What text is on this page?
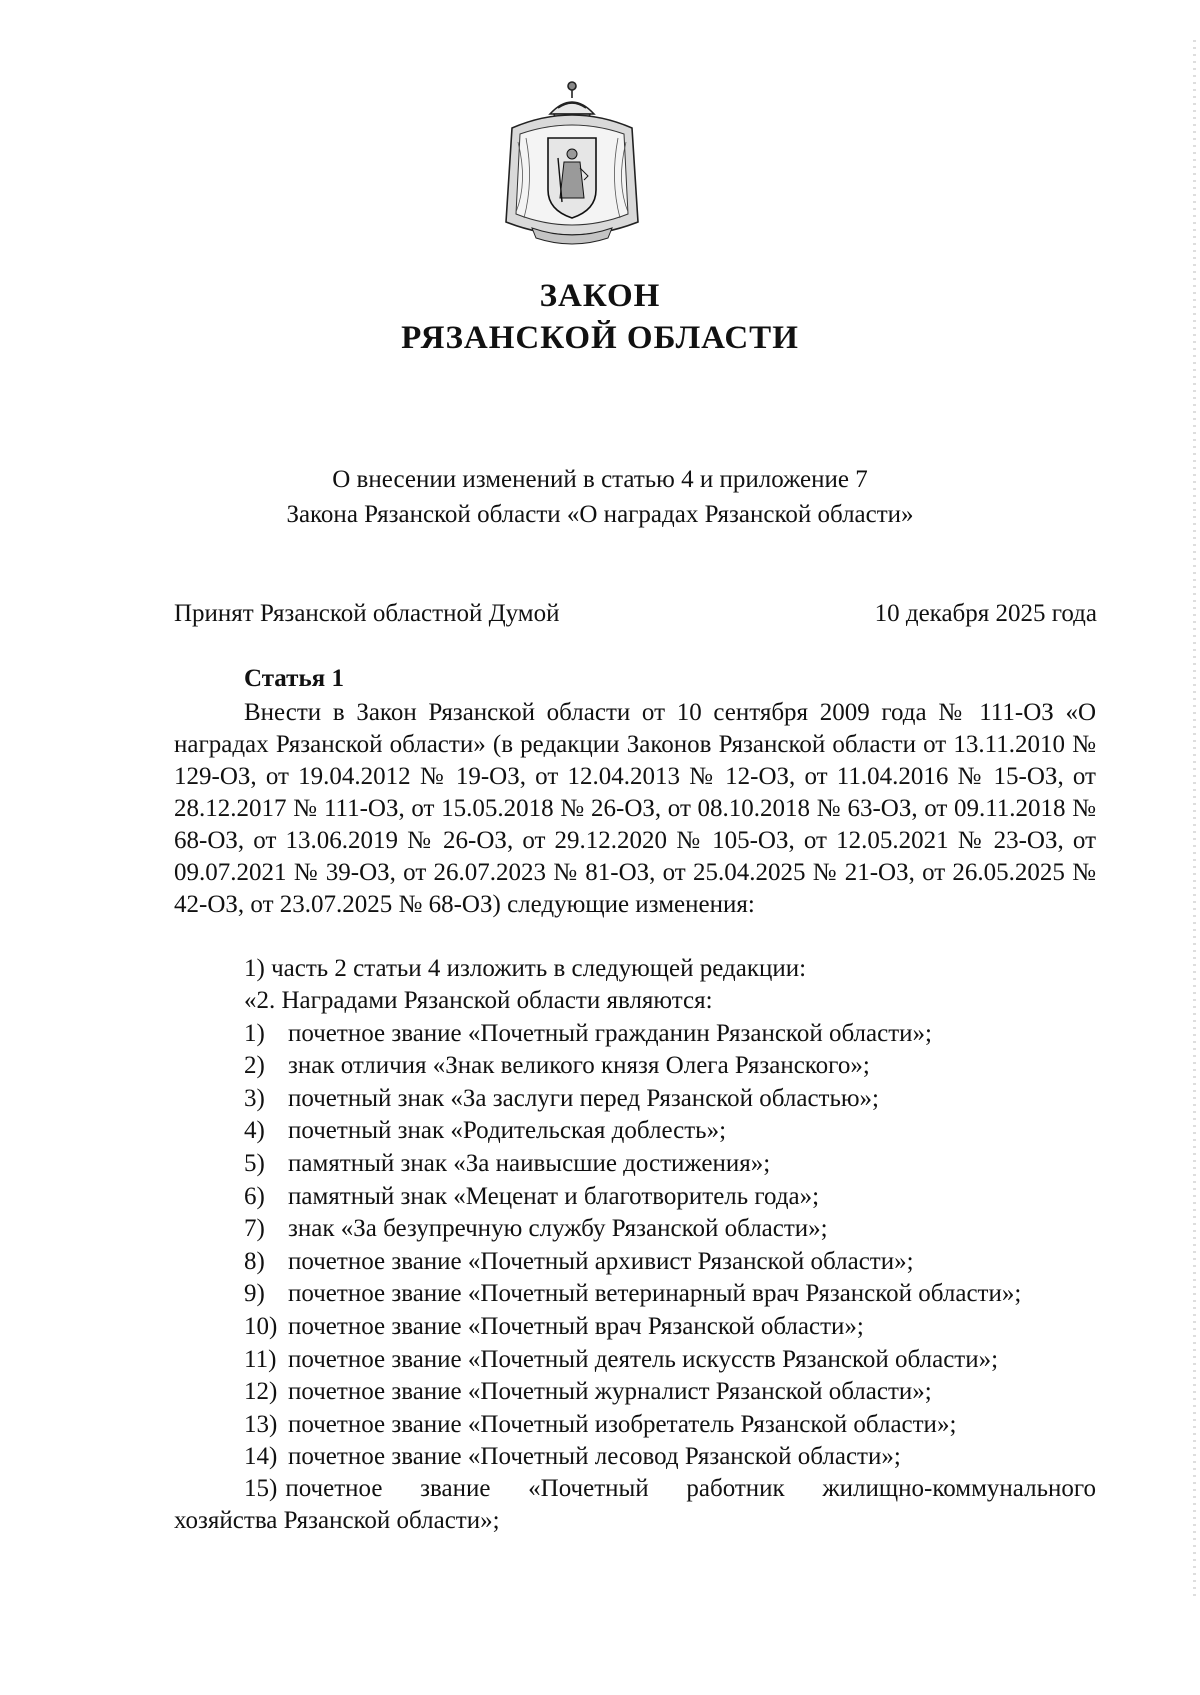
ЗАКОН
РЯЗАНСКОЙ ОБЛАСТИ
О внесении изменений в статью 4 и приложение 7
Закона Рязанской области «О наградах Рязанской области»
Принят Рязанской областной Думой	10 декабря 2025 года
Статья 1

Внести в Закон Рязанской области от 10 сентября 2009 года № 111-ОЗ «О наградах Рязанской области» (в редакции Законов Рязанской области от 13.11.2010 № 129-ОЗ, от 19.04.2012 № 19-ОЗ, от 12.04.2013 № 12-ОЗ, от 11.04.2016 № 15-ОЗ, от 28.12.2017 № 111-ОЗ, от 15.05.2018 № 26-ОЗ, от 08.10.2018 № 63-ОЗ, от 09.11.2018 № 68-ОЗ, от 13.06.2019 № 26-ОЗ, от 29.12.2020 № 105-ОЗ, от 12.05.2021 № 23-ОЗ, от 09.07.2021 № 39-ОЗ, от 26.07.2023 № 81-ОЗ, от 25.04.2025 № 21-ОЗ, от 26.05.2025 № 42-ОЗ, от 23.07.2025 № 68-ОЗ) следующие изменения:

1) часть 2 статьи 4 изложить в следующей редакции:
«2. Наградами Рязанской области являются:
1) почетное звание «Почетный гражданин Рязанской области»;
2) знак отличия «Знак великого князя Олега Рязанского»;
3) почетный знак «За заслуги перед Рязанской областью»;
4) почетный знак «Родительская доблесть»;
5) памятный знак «За наивысшие достижения»;
6) памятный знак «Меценат и благотворитель года»;
7) знак «За безупречную службу Рязанской области»;
8) почетное звание «Почетный архивист Рязанской области»;
9) почетное звание «Почетный ветеринарный врач Рязанской области»;
10) почетное звание «Почетный врач Рязанской области»;
11) почетное звание «Почетный деятель искусств Рязанской области»;
12) почетное звание «Почетный журналист Рязанской области»;
13) почетное звание «Почетный изобретатель Рязанской области»;
14) почетное звание «Почетный лесовод Рязанской области»;
15) почетное звание «Почетный работник жилищно-коммунального
хозяйства Рязанской области»;
